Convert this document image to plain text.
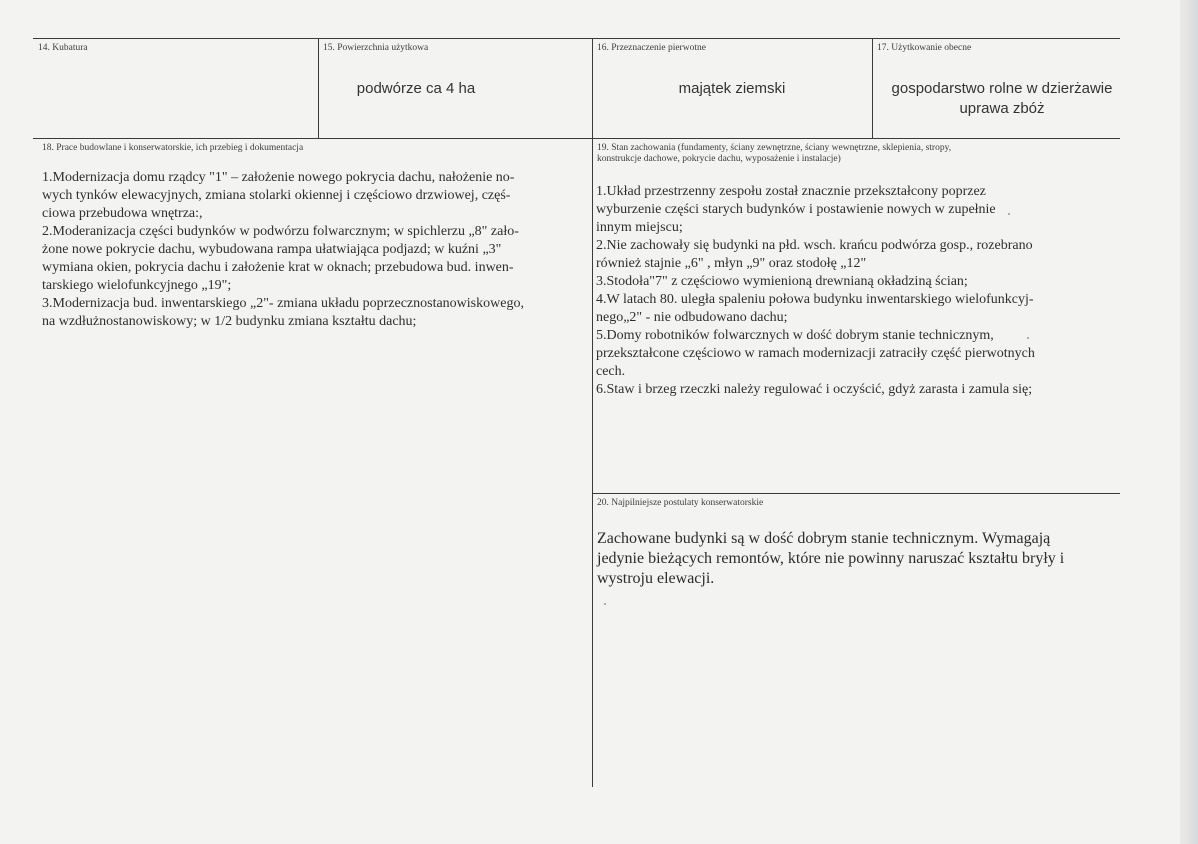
14. Kubatura	15. Powierzchnia użytkowa
podwórze ca 4 ha
16. Przeznaczenie pierwotne
majątek ziemski
17. Użytkowanie obecne
gospodarstwo rolne w dzierżawie
uprawa zbóż
18. Prace budowlane i konserwatorskie, ich przebieg i dokumentacja
1.Modernizacja domu rządcy "1" – założenie nowego pokrycia dachu, nałożenie no-
wych tynków elewacyjnych, zmiana stolarki okiennej i częściowo drzwiowej, częś-
ciowa przebudowa wnętrza:,
2.Moderanizacja części budynków w podwórzu folwarcznym; w spichlerzu „8" zało-
żone nowe pokrycie dachu, wybudowana rampa ułatwiająca podjazd; w kuźni „3"
wymiana okien, pokrycia dachu i założenie krat w oknach; przebudowa bud. inwen-
tarskiego wielofunkcyjnego „19";
3.Modernizacja bud. inwentarskiego „2"- zmiana układu poprzecznostanowiskowego,
na wzdłużnostanowiskowy; w 1/2 budynku zmiana kształtu dachu;
19. Stan zachowania (fundamenty, ściany zewnętrzne, ściany wewnętrzne, sklepienia, stropy,
konstrukcje dachowe, pokrycie dachu, wyposażenie i instalacje)
1.Układ przestrzenny zespołu został znacznie przekształcony poprzez
wyburzenie części starych budynków i postawienie nowych w zupełnie
innym miejscu;
2.Nie zachowały się budynki na płd. wsch. krańcu podwórza gosp., rozebrano
również stajnie „6" , młyn „9" oraz stodołę „12"
3.Stodoła"7" z częściowo wymienioną drewnianą okładziną ścian;
4.W latach 80. uległa spaleniu połowa budynku inwentarskiego wielofunkcyj-
nego„2" - nie odbudowano dachu;
5.Domy robotników folwarcznych w dość dobrym stanie technicznym,
przekształcone częściowo w ramach modernizacji zatraciły część pierwotnych
cech.
6.Staw i brzeg rzeczki należy regulować i oczyścić, gdyż zarasta i zamula się;
20. Najpilniejsze postulaty konserwatorskie
Zachowane budynki są w dość dobrym stanie technicznym. Wymagają
jedynie bieżących remontów, które nie powinny naruszać kształtu bryły i
wystroju elewacji.
